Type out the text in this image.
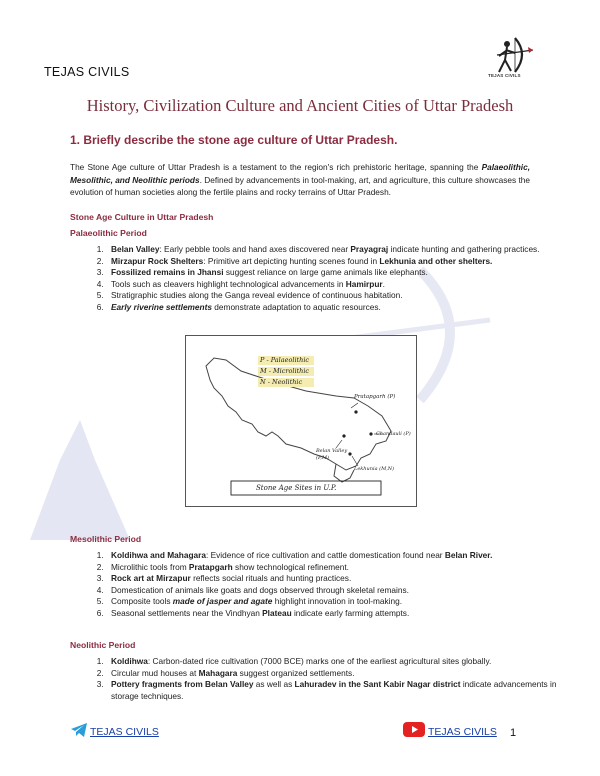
TEJAS CIVILS	TEJAS CIVILS
History, Civilization Culture and Ancient Cities of Uttar Pradesh
1. Briefly describe the stone age culture of Uttar Pradesh.
The Stone Age culture of Uttar Pradesh is a testament to the region's rich prehistoric heritage, spanning the Palaeolithic, Mesolithic, and Neolithic periods. Defined by advancements in tool-making, art, and agriculture, this culture showcases the evolution of human societies along the fertile plains and rocky terrains of Uttar Pradesh.
Stone Age Culture in Uttar Pradesh
Palaeolithic Period
1. Belan Valley: Early pebble tools and hand axes discovered near Prayagraj indicate hunting and gathering practices.
2. Mirzapur Rock Shelters: Primitive art depicting hunting scenes found in Lekhunia and other shelters.
3. Fossilized remains in Jhansi suggest reliance on large game animals like elephants.
4. Tools such as cleavers highlight technological advancements in Hamirpur.
5. Stratigraphic studies along the Ganga reveal evidence of continuous habitation.
6. Early riverine settlements demonstrate adaptation to aquatic resources.
P - Palaeolithic
M - Microlithic
N - Neolithic
Pratapgarh (P)
Chandauli (P)
Belan Valley (P,M)
Lekhunia (M,N)
Stone Age Sites in U.P.
Mesolithic Period
1. Koldihwa and Mahagara: Evidence of rice cultivation and cattle domestication found near Belan River.
2. Microlithic tools from Pratapgarh show technological refinement.
3. Rock art at Mirzapur reflects social rituals and hunting practices.
4. Domestication of animals like goats and dogs observed through skeletal remains.
5. Composite tools made of jasper and agate highlight innovation in tool-making.
6. Seasonal settlements near the Vindhyan Plateau indicate early farming attempts.
Neolithic Period
1. Koldihwa: Carbon-dated rice cultivation (7000 BCE) marks one of the earliest agricultural sites globally.
2. Circular mud houses at Mahagara suggest organized settlements.
3. Pottery fragments from Belan Valley as well as Lahuradev in the Sant Kabir Nagar district indicate advancements in storage techniques.
TEJAS CIVILS	TEJAS CIVILS 1
